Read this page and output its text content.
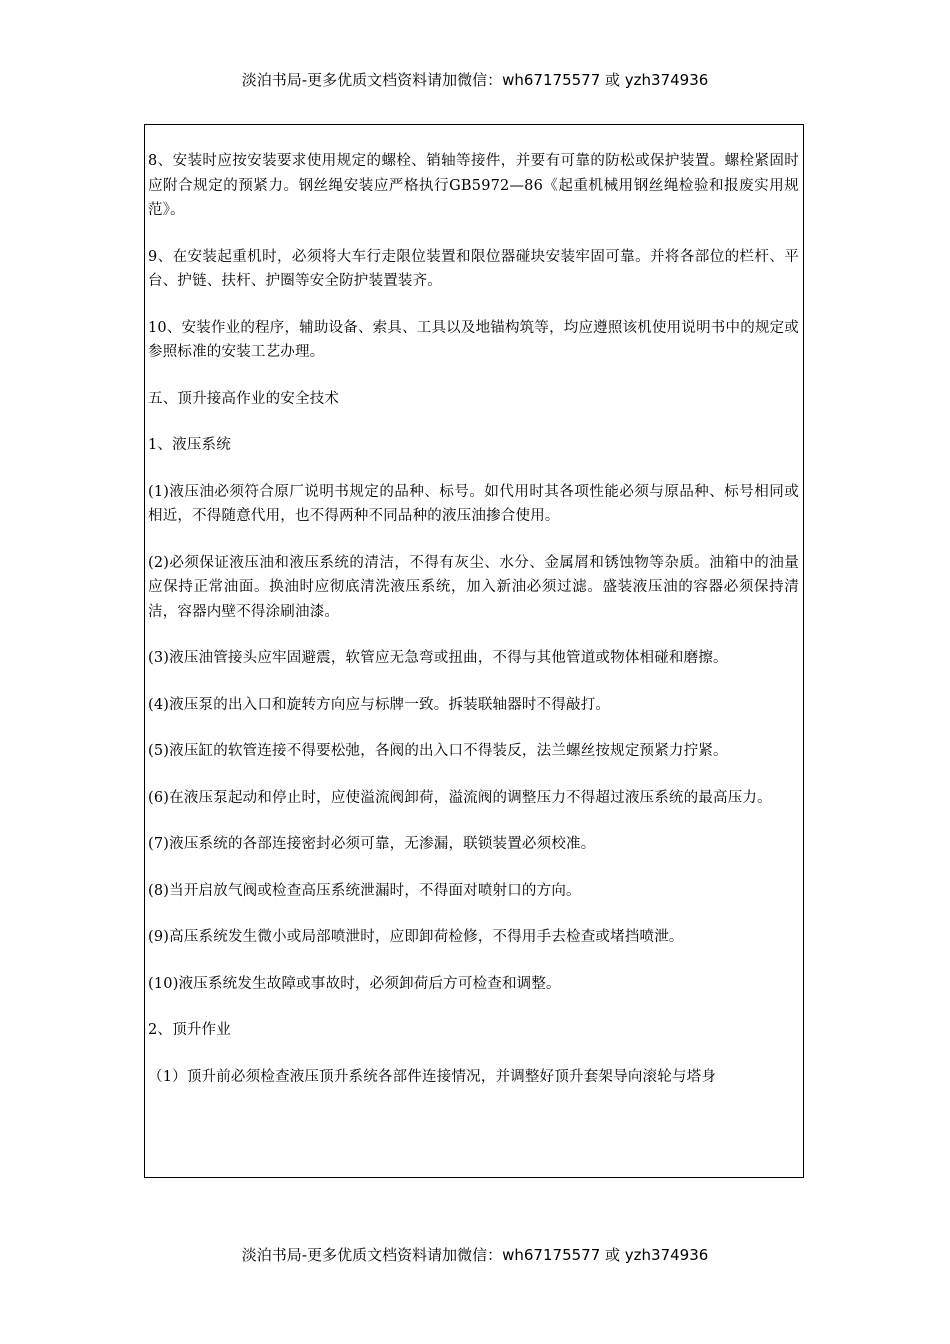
淡泊书局-更多优质文档资料请加微信：wh67175577 或 yzh374936

8、安装时应按安装要求使用规定的螺栓、销轴等接件，并要有可靠的防松或保护装置。螺栓紧固时应附合规定的预紧力。钢丝绳安装应严格执行GB5972—86《起重机械用钢丝绳检验和报废实用规范》。

9、在安装起重机时，必须将大车行走限位装置和限位器碰块安装牢固可靠。并将各部位的栏杆、平台、护链、扶杆、护圈等安全防护装置装齐。

10、安装作业的程序，辅助设备、索具、工具以及地锚构筑等，均应遵照该机使用说明书中的规定或参照标准的安装工艺办理。

五、顶升接高作业的安全技术

1、液压系统

(1)液压油必须符合原厂说明书规定的品种、标号。如代用时其各项性能必须与原品种、标号相同或相近，不得随意代用，也不得两种不同品种的液压油掺合使用。

(2)必须保证液压油和液压系统的清洁，不得有灰尘、水分、金属屑和锈蚀物等杂质。油箱中的油量应保持正常油面。换油时应彻底清洗液压系统，加入新油必须过滤。盛装液压油的容器必须保持清洁，容器内壁不得涂刷油漆。

(3)液压油管接头应牢固避震，软管应无急弯或扭曲，不得与其他管道或物体相碰和磨擦。

(4)液压泵的出入口和旋转方向应与标牌一致。拆装联轴器时不得敲打。

(5)液压缸的软管连接不得要松弛，各阀的出入口不得装反，法兰螺丝按规定预紧力拧紧。

(6)在液压泵起动和停止时，应使溢流阀卸荷，溢流阀的调整压力不得超过液压系统的最高压力。

(7)液压系统的各部连接密封必须可靠，无渗漏，联锁装置必须校准。

(8)当开启放气阀或检查高压系统泄漏时，不得面对喷射口的方向。

(9)高压系统发生微小或局部喷泄时，应即卸荷检修，不得用手去检查或堵挡喷泄。

(10)液压系统发生故障或事故时，必须卸荷后方可检查和调整。

2、顶升作业

（1）顶升前必须检查液压顶升系统各部件连接情况，并调整好顶升套架导向滚轮与塔身

淡泊书局-更多优质文档资料请加微信：wh67175577 或 yzh374936
